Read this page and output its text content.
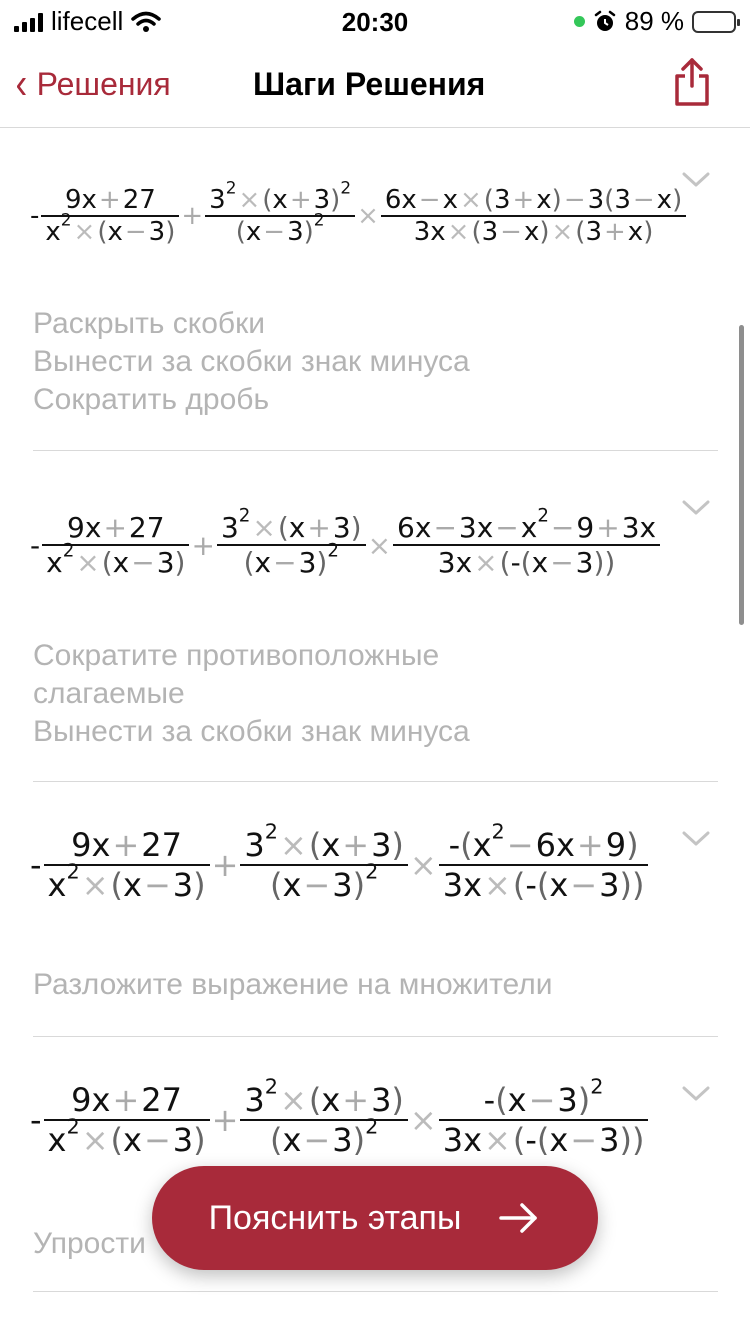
lifecell	20:30	89 %
‹ Решения	Шаги Решения
- $\frac{9x+27}{x^2\times(x-3)} + \frac{3^2\times(x+3)^2}{(x-3)^2} \times \frac{6x-x\times(3+x)-3(3-x)}{3x\times(3-x)\times(3+x)}$
Раскрыть скобки
Вынести за скобки знак минуса
Сократить дробь
- $\frac{9x+27}{x^2\times(x-3)} + \frac{3^2\times(x+3)}{(x-3)^2} \times \frac{6x-3x-x^2-9+3x}{3x\times(-(x-3))}$
Сократите противоположные
слагаемые
Вынести за скобки знак минуса
- $\frac{9x+27}{x^2\times(x-3)} + \frac{3^2\times(x+3)}{(x-3)^2} \times \frac{-(x^2-6x+9)}{3x\times(-(x-3))}$
Разложите выражение на множители
- $\frac{9x+27}{x^2\times(x-3)} + \frac{3^2\times(x+3)}{(x-3)^2} \times \frac{-(x-3)^2}{3x\times(-(x-3))}$
Упрости
Пояснить этапы
